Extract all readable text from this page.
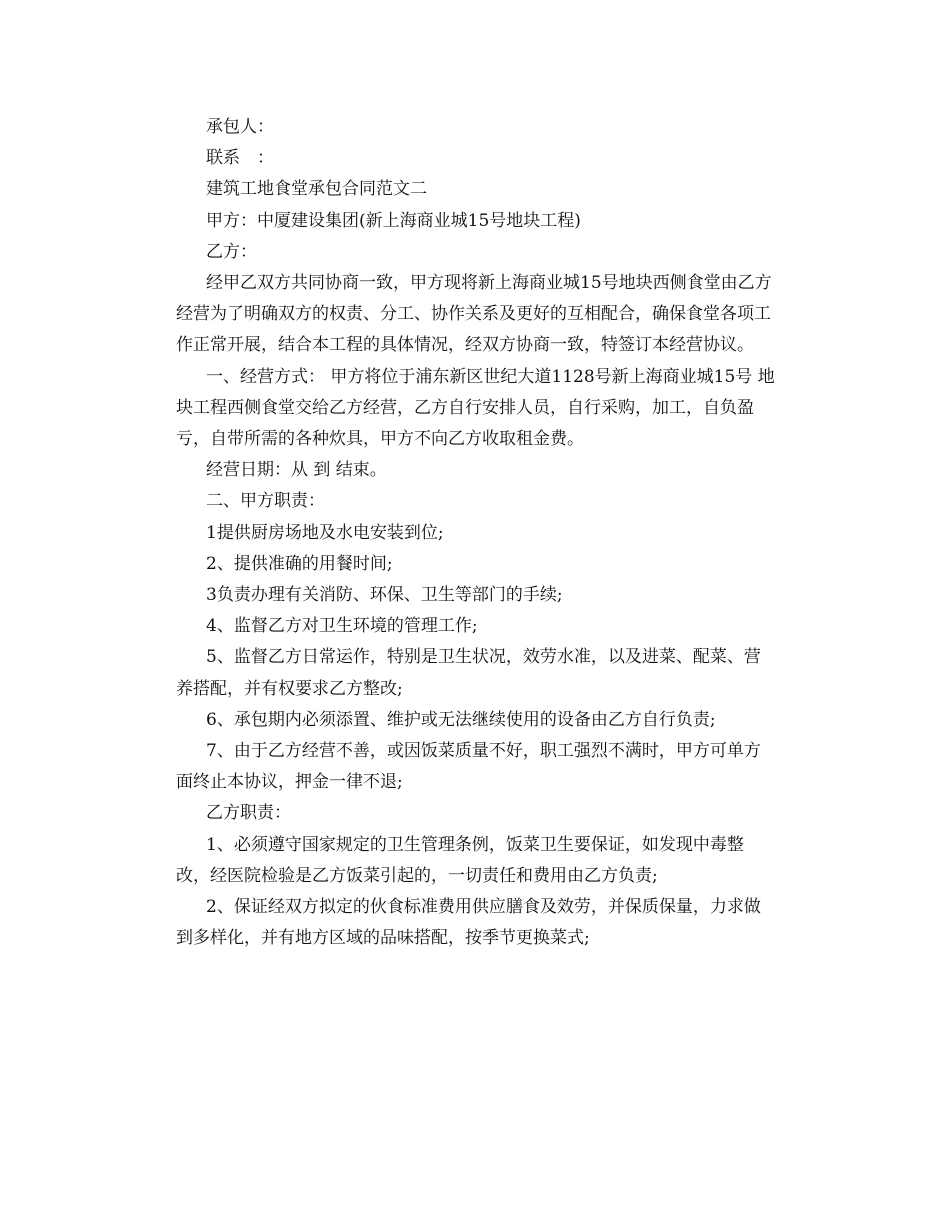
承包人：
联系　：
建筑工地食堂承包合同范文二
甲方：中厦建设集团(新上海商业城15号地块工程)
乙方：
经甲乙双方共同协商一致，甲方现将新上海商业城15号地块西侧食堂由乙方
经营为了明确双方的权责、分工、协作关系及更好的互相配合，确保食堂各项工
作正常开展，结合本工程的具体情况，经双方协商一致，特签订本经营协议。
一、经营方式： 甲方将位于浦东新区世纪大道1128号新上海商业城15号 地
块工程西侧食堂交给乙方经营，乙方自行安排人员，自行采购，加工，自负盈
亏，自带所需的各种炊具，甲方不向乙方收取租金费。
经营日期：从 到 结束。
二、甲方职责：
1提供厨房场地及水电安装到位;
2、提供准确的用餐时间;
3负责办理有关消防、环保、卫生等部门的手续;
4、监督乙方对卫生环境的管理工作;
5、监督乙方日常运作，特别是卫生状况，效劳水准，以及进菜、配菜、营
养搭配，并有权要求乙方整改;
6、承包期内必须添置、维护或无法继续使用的设备由乙方自行负责;
7、由于乙方经营不善，或因饭菜质量不好，职工强烈不满时，甲方可单方
面终止本协议，押金一律不退;
乙方职责：
1、必须遵守国家规定的卫生管理条例，饭菜卫生要保证，如发现中毒整
改，经医院检验是乙方饭菜引起的，一切责任和费用由乙方负责;
2、保证经双方拟定的伙食标准费用供应膳食及效劳，并保质保量，力求做
到多样化，并有地方区域的品味搭配，按季节更换菜式;
